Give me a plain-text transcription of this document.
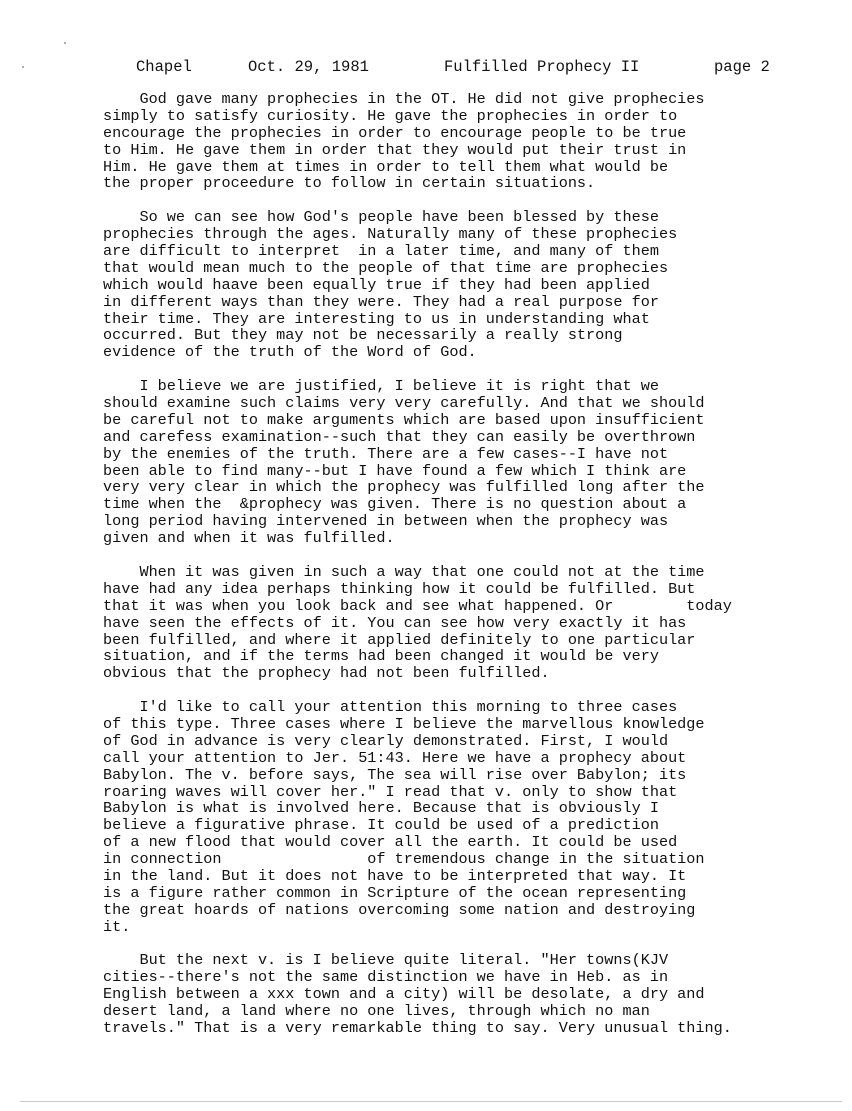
Chapel	Oct. 29, 1981	Fulfilled Prophecy II	page 2
God gave many prophecies in the OT. He did not give prophecies
simply to satisfy curiosity. He gave the prophecies in order to
encourage the prophecies in order to encourage people to be true
to Him. He gave them in order that they would put their trust in
Him. He gave them at times in order to tell them what would be
the proper proceedure to follow in certain situations.
So we can see how God's people have been blessed by these
prophecies through the ages. Naturally many of these prophecies
are difficult to interpret  in a later time, and many of them
that would mean much to the people of that time are prophecies
which would haave been equally true if they had been applied
in different ways than they were. They had a real purpose for
their time. They are interesting to us in understanding what
occurred. But they may not be necessarily a really strong
evidence of the truth of the Word of God.
I believe we are justified, I believe it is right that we
should examine such claims very very carefully. And that we should
be careful not to make arguments which are based upon insufficient
and carefess examination--such that they can easily be overthrown
by the enemies of the truth. There are a few cases--I have not
been able to find many--but I have found a few which I think are
very very clear in which the prophecy was fulfilled long after the
time when the  &prophecy was given. There is no question about a
long period having intervened in between when the prophecy was
given and when it was fulfilled.
When it was given in such a way that one could not at the time
have had any idea perhaps thinking how it could be fulfilled. But
that it was when you look back and see what happened. Or        today
have seen the effects of it. You can see how very exactly it has
been fulfilled, and where it applied definitely to one particular
situation, and if the terms had been changed it would be very
obvious that the prophecy had not been fulfilled.
I'd like to call your attention this morning to three cases
of this type. Three cases where I believe the marvellous knowledge
of God in advance is very clearly demonstrated. First, I would
call your attention to Jer. 51:43. Here we have a prophecy about
Babylon. The v. before says, The sea will rise over Babylon; its
roaring waves will cover her." I read that v. only to show that
Babylon is what is involved here. Because that is obviously I
believe a figurative phrase. It could be used of a prediction
of a new flood that would cover all the earth. It could be used
in connection                of tremendous change in the situation
in the land. But it does not have to be interpreted that way. It
is a figure rather common in Scripture of the ocean representing
the great hoards of nations overcoming some nation and destroying
it.
But the next v. is I believe quite literal. "Her towns(KJV
cities--there's not the same distinction we have in Heb. as in
English between a xxx town and a city) will be desolate, a dry and
desert land, a land where no one lives, through which no man
travels." That is a very remarkable thing to say. Very unusual thing.
